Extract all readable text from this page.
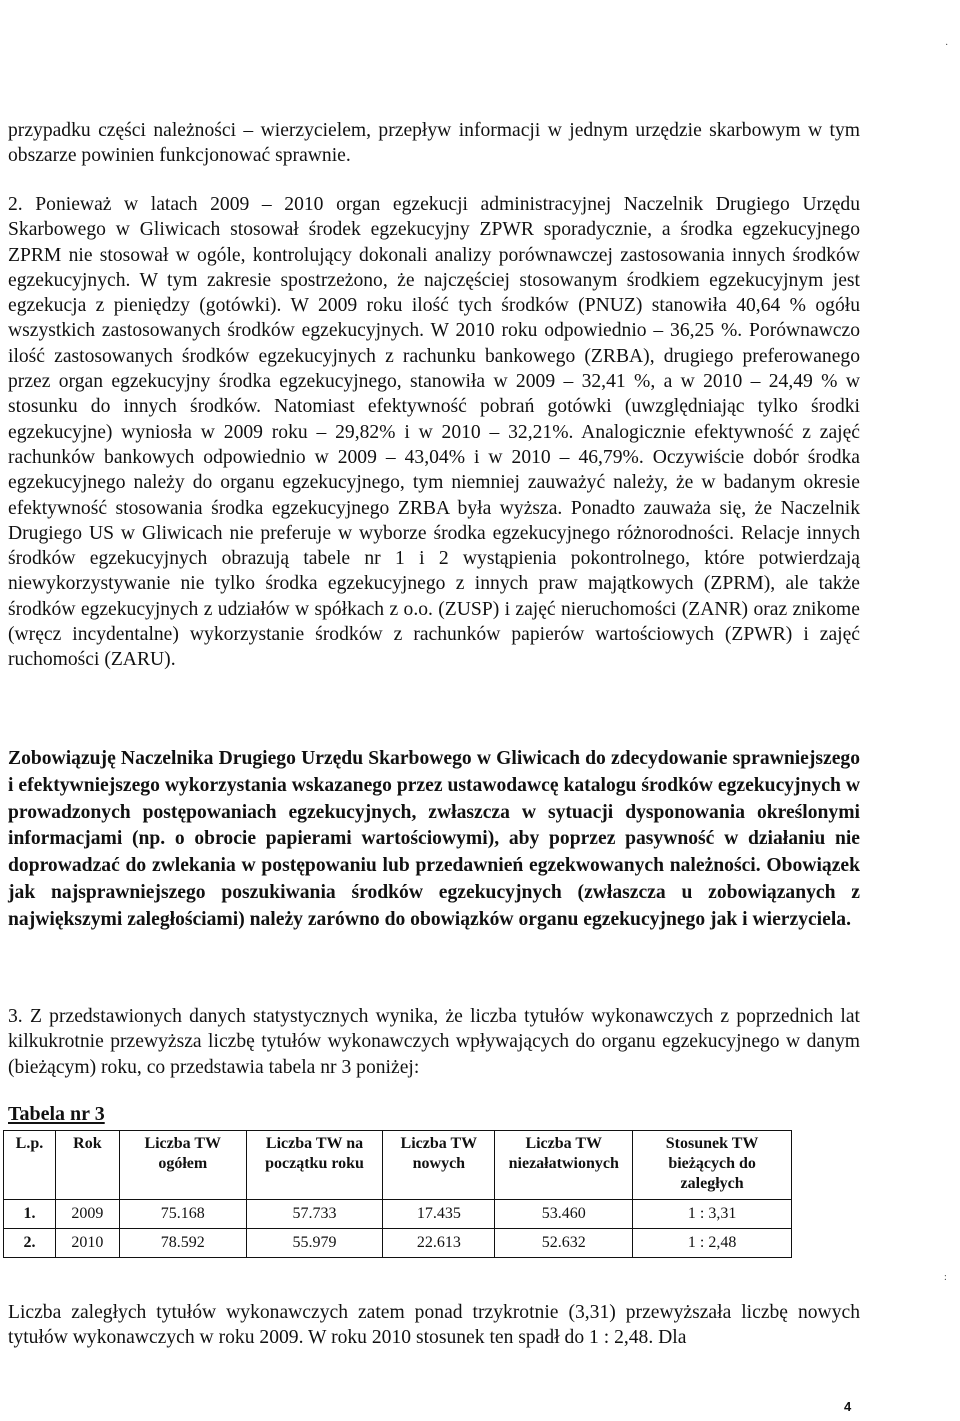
przypadku części należności – wierzycielem, przepływ informacji w jednym urzędzie skarbowym w tym obszarze powinien funkcjonować sprawnie.

2. Ponieważ w latach 2009 – 2010 organ egzekucji administracyjnej Naczelnik Drugiego Urzędu Skarbowego w Gliwicach stosował środek egzekucyjny ZPWR sporadycznie, a środka egzekucyjnego ZPRM nie stosował w ogóle, kontrolujący dokonali analizy porównawczej zastosowania innych środków egzekucyjnych. W tym zakresie spostrzeżono, że najczęściej stosowanym środkiem egzekucyjnym jest egzekucja z pieniędzy (gotówki). W 2009 roku ilość tych środków (PNUZ) stanowiła 40,64 % ogółu wszystkich zastosowanych środków egzekucyjnych. W 2010 roku odpowiednio – 36,25 %. Porównawczo ilość zastosowanych środków egzekucyjnych z rachunku bankowego (ZRBA), drugiego preferowanego przez organ egzekucyjny środka egzekucyjnego, stanowiła w 2009 – 32,41 %, a w 2010 – 24,49 % w stosunku do innych środków. Natomiast efektywność pobrań gotówki (uwzględniając tylko środki egzekucyjne) wyniosła w 2009 roku – 29,82% i w 2010 – 32,21%. Analogicznie efektywność z zajęć rachunków bankowych odpowiednio w 2009 – 43,04% i w 2010 – 46,79%. Oczywiście dobór środka egzekucyjnego należy do organu egzekucyjnego, tym niemniej zauważyć należy, że w badanym okresie efektywność stosowania środka egzekucyjnego ZRBA była wyższa. Ponadto zauważa się, że Naczelnik Drugiego US w Gliwicach nie preferuje w wyborze środka egzekucyjnego różnorodności. Relacje innych środków egzekucyjnych obrazują tabele nr 1 i 2 wystąpienia pokontrolnego, które potwierdzają niewykorzystywanie nie tylko środka egzekucyjnego z innych praw majątkowych (ZPRM), ale także środków egzekucyjnych z udziałów w spółkach z o.o. (ZUSP) i zajęć nieruchomości (ZANR) oraz znikome (wręcz incydentalne) wykorzystanie środków z rachunków papierów wartościowych (ZPWR) i zajęć ruchomości (ZARU).

Zobowiązuję Naczelnika Drugiego Urzędu Skarbowego w Gliwicach do zdecydowanie sprawniejszego i efektywniejszego wykorzystania wskazanego przez ustawodawcę katalogu środków egzekucyjnych w prowadzonych postępowaniach egzekucyjnych, zwłaszcza w sytuacji dysponowania określonymi informacjami (np. o obrocie papierami wartościowymi), aby poprzez pasywność w działaniu nie doprowadzać do zwlekania w postępowaniu lub przedawnień egzekwowanych należności. Obowiązek jak najsprawniejszego poszukiwania środków egzekucyjnych (zwłaszcza u zobowiązanych z największymi zaległościami) należy zarówno do obowiązków organu egzekucyjnego jak i wierzyciela.

3. Z przedstawionych danych statystycznych wynika, że liczba tytułów wykonawczych z poprzednich lat kilkukrotnie przewyższa liczbę tytułów wykonawczych wpływających do organu egzekucyjnego w danym (bieżącym) roku, co przedstawia tabela nr 3 poniżej:

Tabela nr 3

L.p.	Rok	Liczba TW ogółem	Liczba TW na początku roku	Liczba TW nowych	Liczba TW niezałatwionych	Stosunek TW bieżących do zaległych
1.	2009	75.168	57.733	17.435	53.460	1 : 3,31
2.	2010	78.592	55.979	22.613	52.632	1 : 2,48

Liczba zaległych tytułów wykonawczych zatem ponad trzykrotnie (3,31) przewyższała liczbę nowych tytułów wykonawczych w roku 2009. W roku 2010 stosunek ten spadł do 1 : 2,48. Dla

4

·
:
